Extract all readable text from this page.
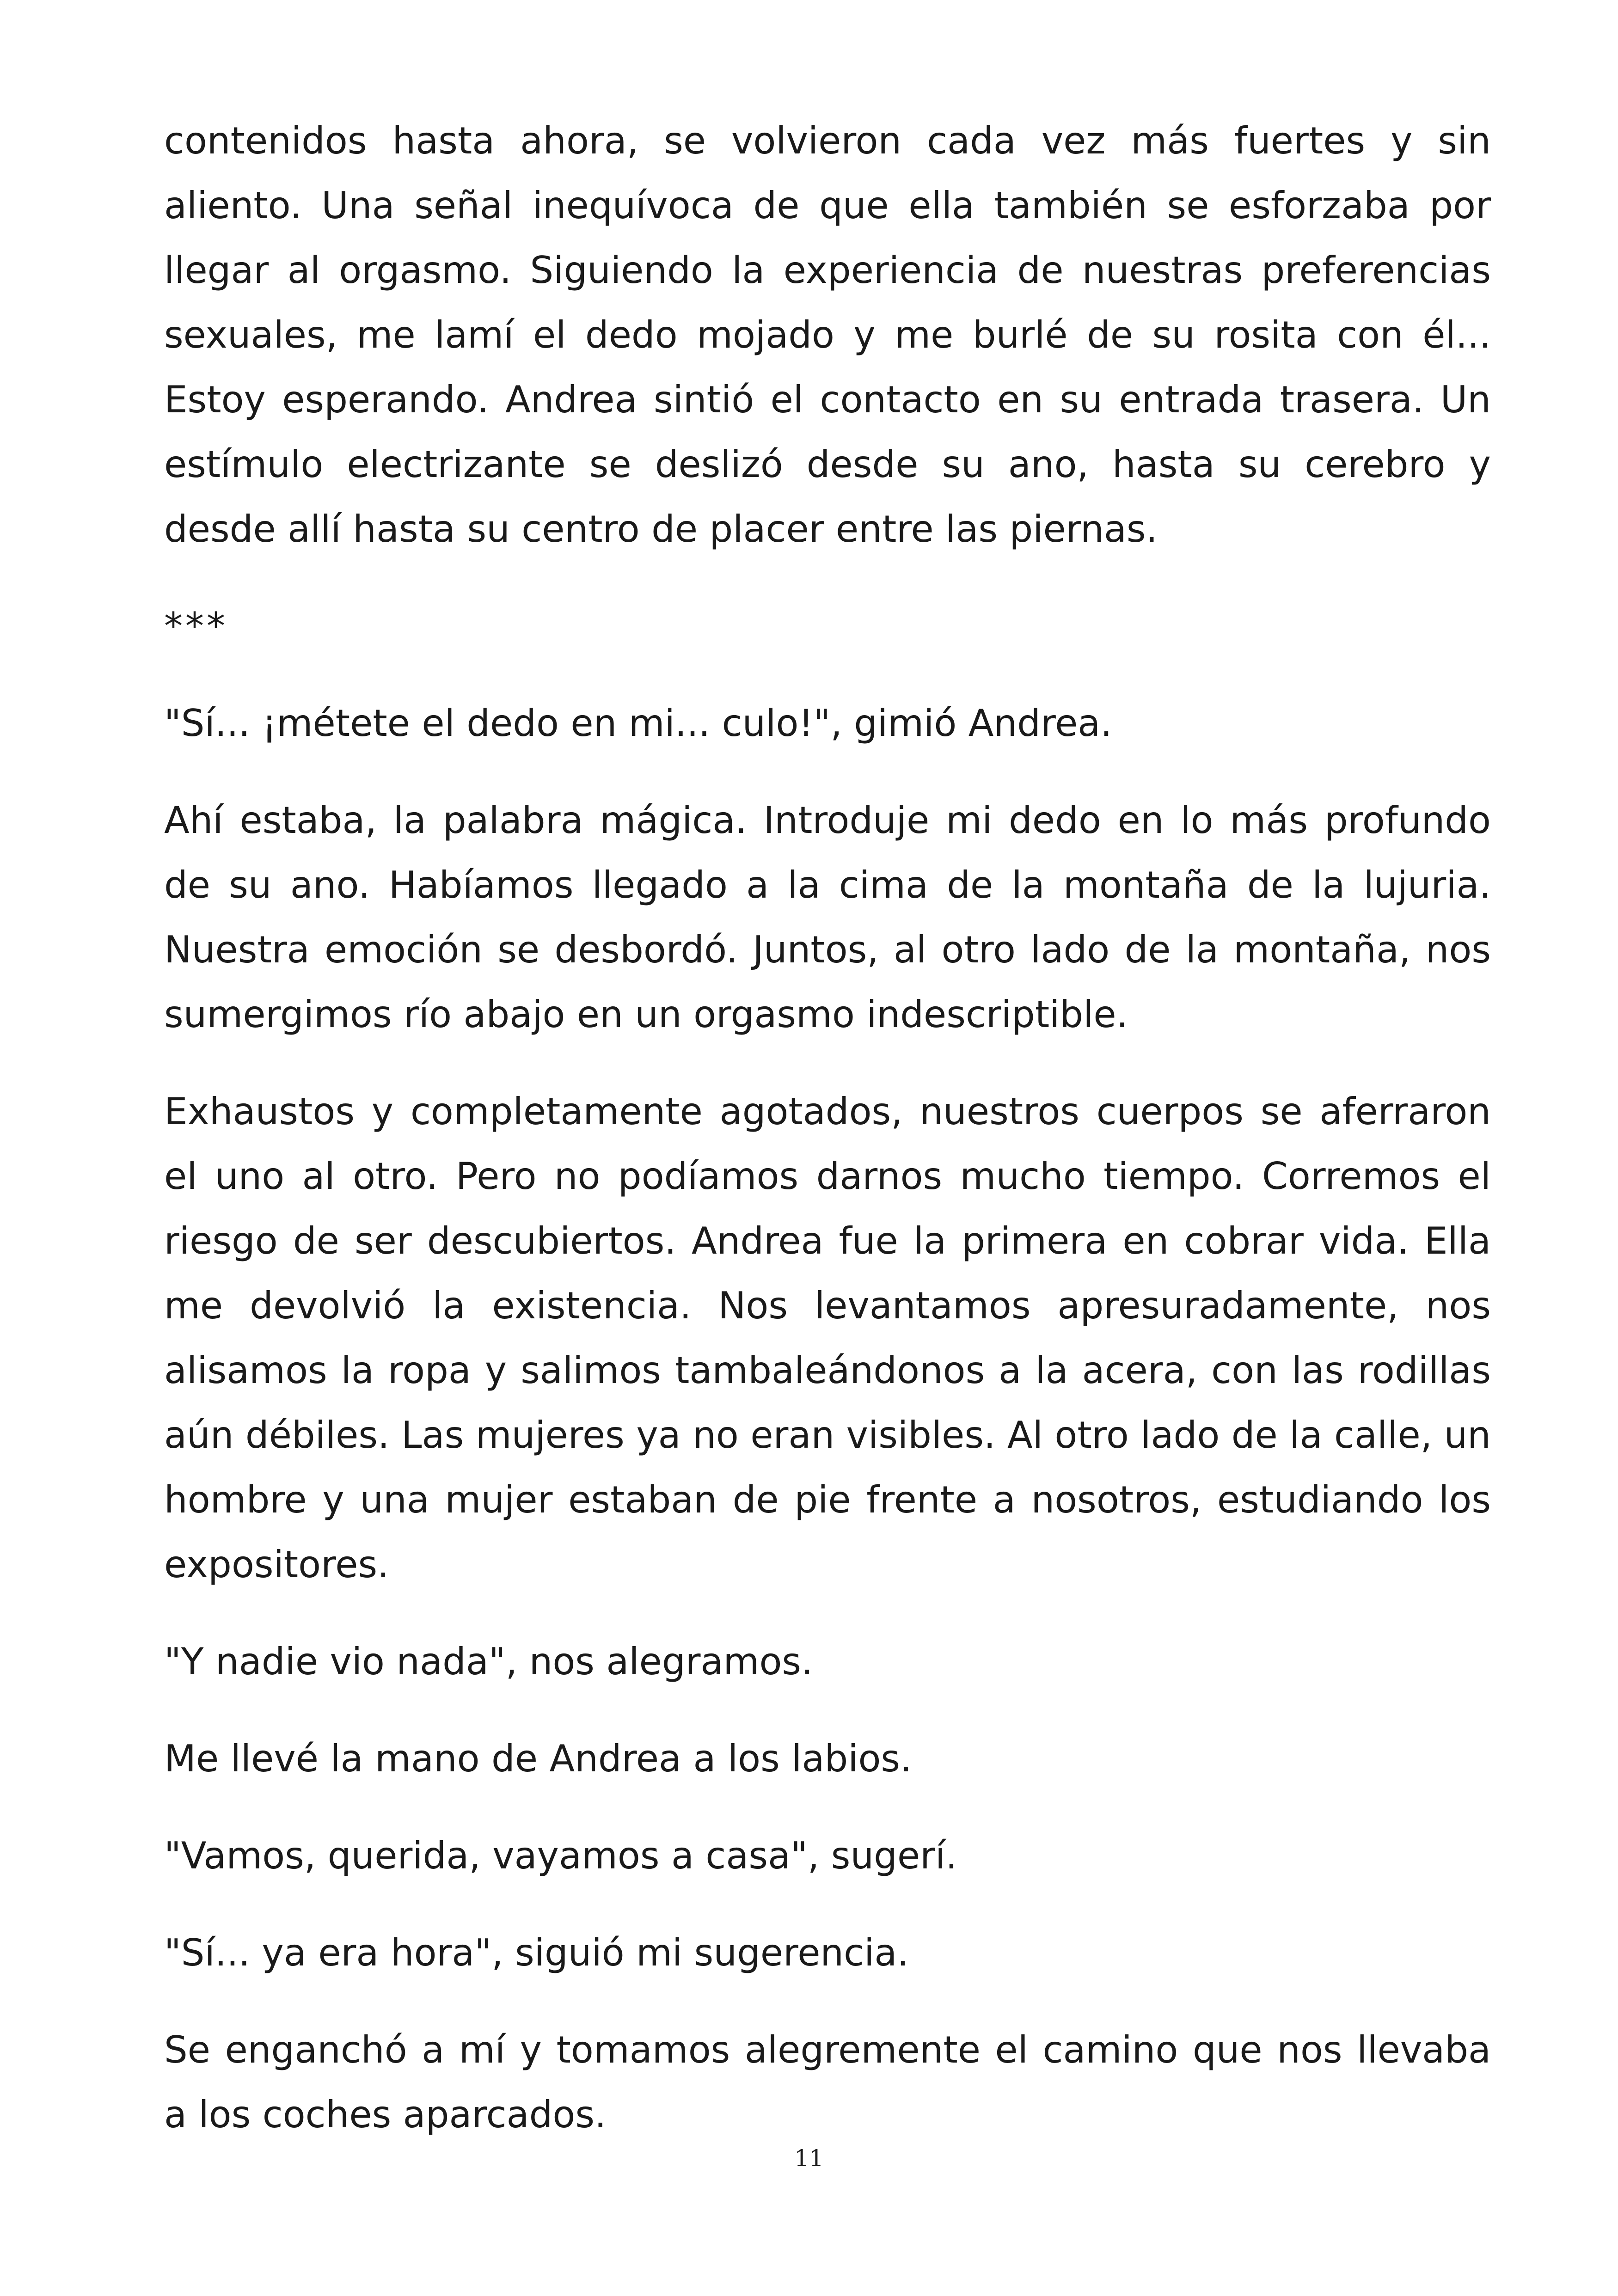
contenidos hasta ahora, se volvieron cada vez más fuertes y sin aliento. Una señal inequívoca de que ella también se esforzaba por llegar al orgasmo. Siguiendo la experiencia de nuestras preferencias sexuales, me lamí el dedo mojado y me burlé de su rosita con él... Estoy esperando. Andrea sintió el contacto en su entrada trasera. Un estímulo electrizante se deslizó desde su ano, hasta su cerebro y desde allí hasta su centro de placer entre las piernas.

***

"Sí... ¡métete el dedo en mi... culo!", gimió Andrea.

Ahí estaba, la palabra mágica. Introduje mi dedo en lo más profundo de su ano. Habíamos llegado a la cima de la montaña de la lujuria. Nuestra emoción se desbordó. Juntos, al otro lado de la montaña, nos sumergimos río abajo en un orgasmo indescriptible.

Exhaustos y completamente agotados, nuestros cuerpos se aferraron el uno al otro. Pero no podíamos darnos mucho tiempo. Corremos el riesgo de ser descubiertos. Andrea fue la primera en cobrar vida. Ella me devolvió la existencia. Nos levantamos apresuradamente, nos alisamos la ropa y salimos tambaleándonos a la acera, con las rodillas aún débiles. Las mujeres ya no eran visibles. Al otro lado de la calle, un hombre y una mujer estaban de pie frente a nosotros, estudiando los expositores.

"Y nadie vio nada", nos alegramos.

Me llevé la mano de Andrea a los labios.

"Vamos, querida, vayamos a casa", sugerí.

"Sí... ya era hora", siguió mi sugerencia.

Se enganchó a mí y tomamos alegremente el camino que nos llevaba a los coches aparcados.

11
